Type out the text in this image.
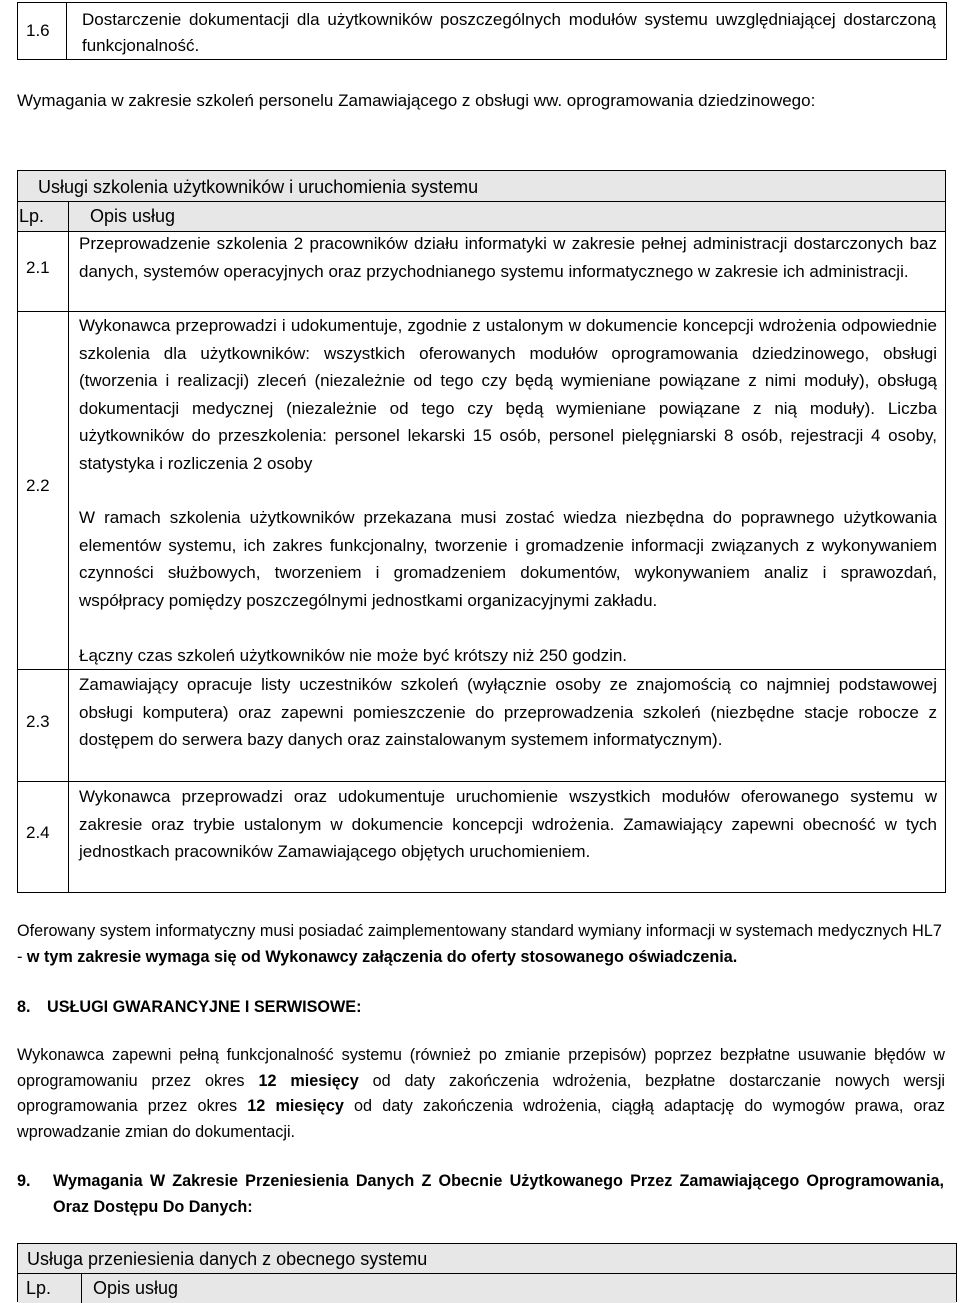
1.6
Dostarczenie dokumentacji dla użytkowników poszczególnych modułów systemu uwzględniającej dostarczoną funkcjonalność.
Wymagania w zakresie szkoleń personelu Zamawiającego z obsługi ww. oprogramowania dziedzinowego:
Usługi szkolenia użytkowników i uruchomienia systemu
Lp.	Opis usług
2.1
Przeprowadzenie szkolenia 2 pracowników działu informatyki w zakresie pełnej administracji dostarczonych baz danych, systemów operacyjnych oraz przychodnianego systemu informatycznego w zakresie ich administracji.
2.2
Wykonawca przeprowadzi i udokumentuje, zgodnie z ustalonym w dokumencie koncepcji wdrożenia odpowiednie szkolenia dla użytkowników: wszystkich oferowanych modułów oprogramowania dziedzinowego, obsługi (tworzenia i realizacji) zleceń (niezależnie od tego czy będą wymieniane powiązane z nimi moduły), obsługą dokumentacji medycznej (niezależnie od tego czy będą wymieniane powiązane z nią moduły). Liczba użytkowników do przeszkolenia: personel lekarski 15 osób, personel pielęgniarski 8 osób, rejestracji 4 osoby, statystyka i rozliczenia 2 osoby
W ramach szkolenia użytkowników przekazana musi zostać wiedza niezbędna do poprawnego użytkowania elementów systemu, ich zakres funkcjonalny, tworzenie i gromadzenie informacji związanych z wykonywaniem czynności służbowych, tworzeniem i gromadzeniem dokumentów, wykonywaniem analiz i sprawozdań, współpracy pomiędzy poszczególnymi jednostkami organizacyjnymi zakładu.
Łączny czas szkoleń użytkowników nie może być krótszy niż 250 godzin.
2.3
Zamawiający opracuje listy uczestników szkoleń (wyłącznie osoby ze znajomością co najmniej podstawowej obsługi komputera) oraz zapewni pomieszczenie do przeprowadzenia szkoleń (niezbędne stacje robocze z dostępem do serwera bazy danych oraz zainstalowanym systemem informatycznym).
2.4
Wykonawca przeprowadzi oraz udokumentuje uruchomienie wszystkich modułów oferowanego systemu w zakresie oraz trybie ustalonym w dokumencie koncepcji wdrożenia. Zamawiający zapewni obecność w tych jednostkach pracowników Zamawiającego objętych uruchomieniem.
Oferowany system informatyczny musi posiadać zaimplementowany standard wymiany informacji w systemach medycznych HL7 - w tym zakresie wymaga się od Wykonawcy załączenia do oferty stosowanego oświadczenia.
8. USŁUGI GWARANCYJNE I SERWISOWE:
Wykonawca zapewni pełną funkcjonalność systemu (również po zmianie przepisów) poprzez bezpłatne usuwanie błędów w oprogramowaniu przez okres 12 miesięcy od daty zakończenia wdrożenia, bezpłatne dostarczanie nowych wersji oprogramowania przez okres 12 miesięcy od daty zakończenia wdrożenia, ciągłą adaptację do wymogów prawa, oraz wprowadzanie zmian do dokumentacji.
9. Wymagania W Zakresie Przeniesienia Danych Z Obecnie Użytkowanego Przez Zamawiającego Oprogramowania, Oraz Dostępu Do Danych:
Usługa przeniesienia danych z obecnego systemu
Lp. Opis usług
